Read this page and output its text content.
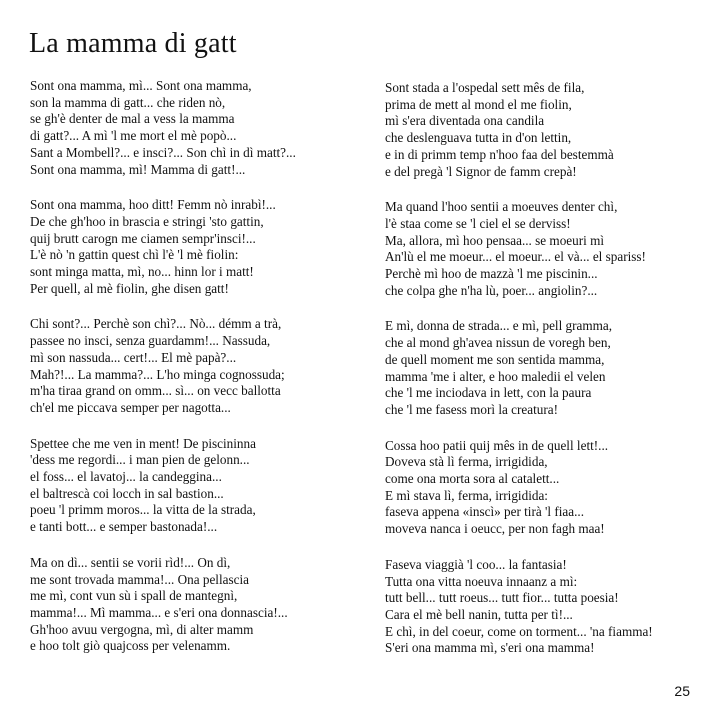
La mamma di gatt
Sont ona mamma, mì... Sont ona mamma,
son la mamma di gatt... che riden nò,
se gh'è denter de mal a vess la mamma
di gatt?... A mì 'l me mort el mè popò...
Sant a Mombell?... e insci?... Son chì in dì matt?...
Sont ona mamma, mì! Mamma di gatt!...
Sont ona mamma, hoo ditt! Femm nò inrabì!...
De che gh'hoo in brascia e stringi 'sto gattin,
quij brutt carogn me ciamen sempr'insci!...
L'è nò 'n gattin quest chì l'è 'l mè fiolin:
sont minga matta, mì, no... hinn lor i matt!
Per quell, al mè fiolin, ghe disen gatt!
Chi sont?... Perchè son chì?... Nò... démm a trà,
passee no insci, senza guardamm!... Nassuda,
mì son nassuda... cert!... El mè papà?...
Mah?!... La mamma?... L'ho minga cognossuda;
m'ha tiraa grand on omm... sì... on vecc ballotta
ch'el me piccava semper per nagotta...
Spettee che me ven in ment! De piscininna
'dess me regordi... i man pien de gelonn...
el foss... el lavatoj... la candeggina...
el baltrescà coi locch in sal bastion...
poeu 'l primm moros... la vitta de la strada,
e tanti bott... e semper bastonada!...
Ma on dì... sentii se vorii rìd!... On dì,
me sont trovada mamma!... Ona pellascia
me mì, cont vun sù i spall de mantegnì,
mamma!... Mì mamma... e s'eri ona donnascia!...
Gh'hoo avuu vergogna, mì, di alter mamm
e hoo tolt giò quajcoss per velenamm.
Sont stada a l'ospedal sett mês de fila,
prima de mett al mond el me fiolin,
mì s'era diventada ona candila
che deslenguava tutta in d'on lettin,
e in di primm temp n'hoo faa del bestemmà
e del pregà 'l Signor de famm crepà!
Ma quand l'hoo sentii a moeuves denter chì,
l'è staa come se 'l ciel el se derviss!
Ma, allora, mì hoo pensaa... se moeuri mì
An'lù el me moeur... el moeur... el và... el spariss!
Perchè mì hoo de mazzà 'l me piscinin...
che colpa ghe n'ha lù, poer... angiolin?...
E mì, donna de strada... e mì, pell gramma,
che al mond gh'avea nissun de voregh ben,
de quell moment me son sentida mamma,
mamma 'me i alter, e hoo maledii el velen
che 'l me inciodava in lett, con la paura
che 'l me fasess morì la creatura!
Cossa hoo patii quij mês in de quell lett!...
Doveva stà lì ferma, irrigidida,
come ona morta sora al catalett...
E mì stava lì, ferma, irrigidida:
faseva appena «inscì» per tirà 'l fiaa...
moveva nanca i oeucc, per non fagh maa!
Faseva viaggià 'l coo... la fantasia!
Tutta ona vitta noeuva innaanz a mì:
tutt bell... tutt roeus... tutt fior... tutta poesia!
Cara el mè bell nanin, tutta per tì!...
E chì, in del coeur, come on torment... 'na fiamma!
S'eri ona mamma mì, s'eri ona mamma!
25
